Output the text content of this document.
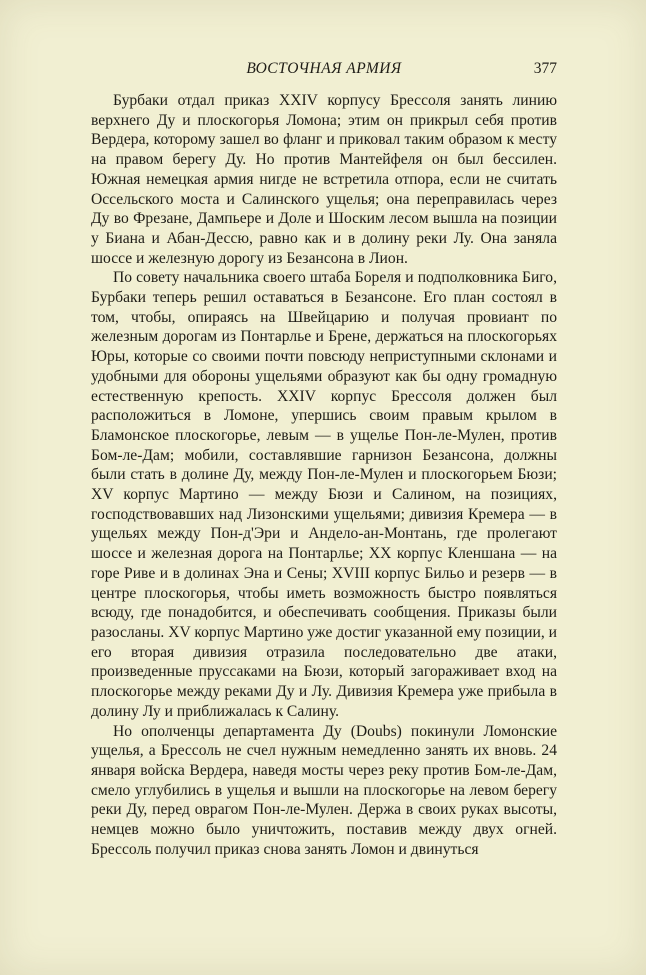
ВОСТОЧНАЯ АРМИЯ	377

Бурбаки отдал приказ XXIV корпусу Брессоля занять линию верхнего Ду и плоскогорья Ломона; этим он прикрыл себя против Вердера, которому зашел во фланг и приковал таким образом к месту на правом берегу Ду. Но против Мантейфеля он был бессилен. Южная немецкая армия нигде не встретила отпора, если не считать Оссельского моста и Салинского ущелья; она переправилась через Ду во Фрезане, Дампьере и Доле и Шоским лесом вышла на позиции у Биана и Абан-Дессю, равно как и в долину реки Лу. Она заняла шоссе и железную дорогу из Безансона в Лион.

По совету начальника своего штаба Бореля и подполковника Биго, Бурбаки теперь решил оставаться в Безансоне. Его план состоял в том, чтобы, опираясь на Швейцарию и получая провиант по железным дорогам из Понтарлье и Брене, держаться на плоскогорьях Юры, которые со своими почти повсюду неприступными склонами и удобными для обороны ущельями образуют как бы одну громадную естественную крепость. XXIV корпус Брессоля должен был расположиться в Ломоне, упершись своим правым крылом в Бламонское плоскогорье, левым — в ущелье Пон-ле-Мулен, против Бом-ле-Дам; мобили, составлявшие гарнизон Безансона, должны были стать в долине Ду, между Пон-ле-Мулен и плоскогорьем Бюзи; XV корпус Мартино — между Бюзи и Салином, на позициях, господствовавших над Лизонскими ущельями; дивизия Кремера — в ущельях между Пон-д'Эри и Андело-ан-Монтань, где пролегают шоссе и железная дорога на Понтарлье; XX корпус Кленшана — на горе Риве и в долинах Эна и Сены; XVIII корпус Бильо и резерв — в центре плоскогорья, чтобы иметь возможность быстро появляться всюду, где понадобится, и обеспечивать сообщения. Приказы были разосланы. XV корпус Мартино уже достиг указанной ему позиции, и его вторая дивизия отразила последовательно две атаки, произведенные пруссаками на Бюзи, который загораживает вход на плоскогорье между реками Ду и Лу. Дивизия Кремера уже прибыла в долину Лу и приближалась к Салину.

Но ополченцы департамента Ду (Doubs) покинули Ломонские ущелья, а Брессоль не счел нужным немедленно занять их вновь. 24 января войска Вердера, наведя мосты через реку против Бом-ле-Дам, смело углубились в ущелья и вышли на плоскогорье на левом берегу реки Ду, перед оврагом Пон-ле-Мулен. Держа в своих руках высоты, немцев можно было уничтожить, поставив между двух огней. Брессоль получил приказ снова занять Ломон и двинуться
